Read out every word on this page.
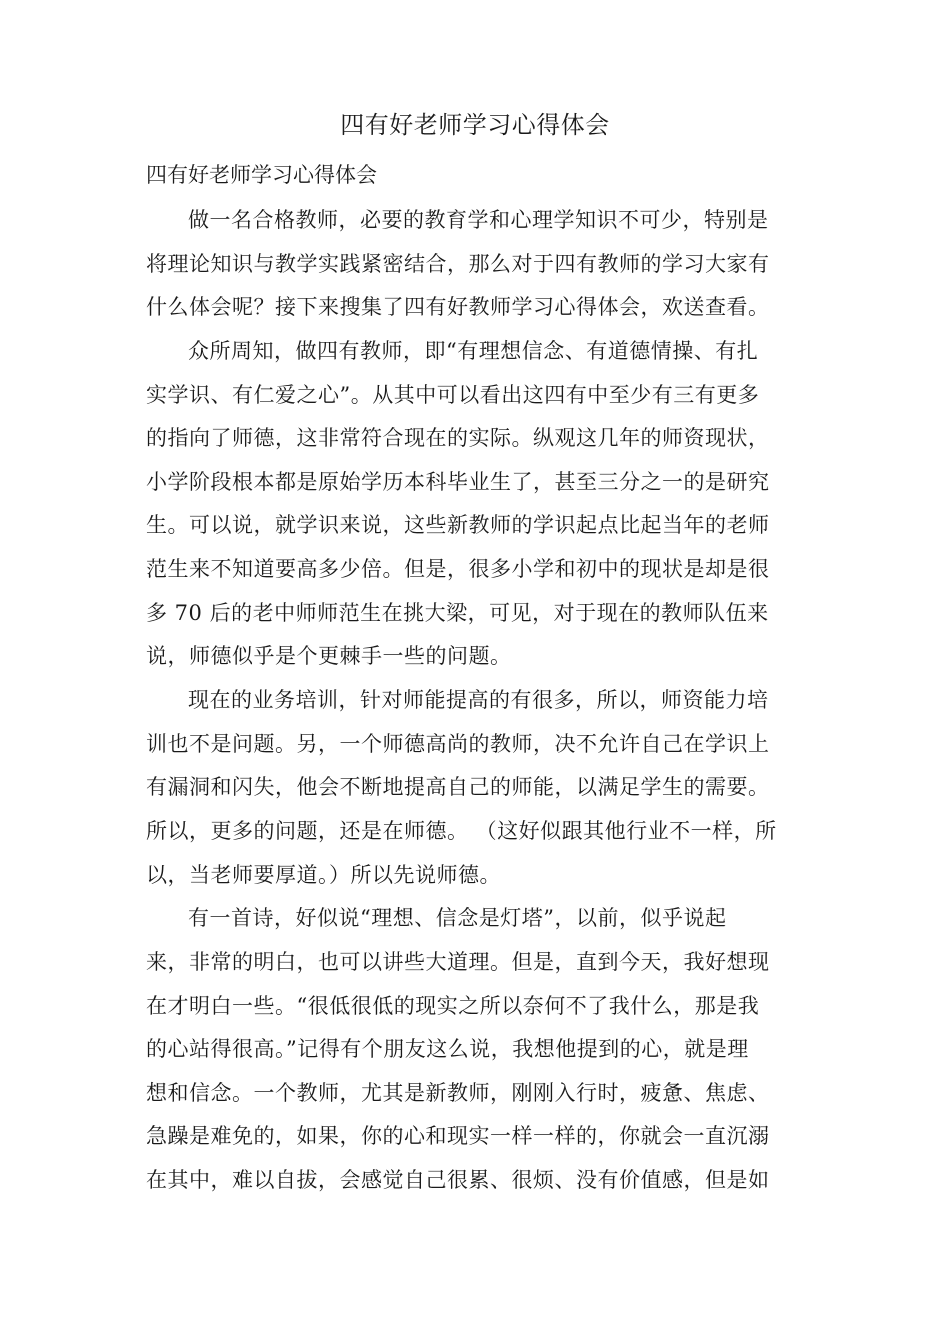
四有好老师学习心得体会
四有好老师学习心得体会
做一名合格教师，必要的教育学和心理学知识不可少，特别是
将理论知识与教学实践紧密结合，那么对于四有教师的学习大家有
什么体会呢？接下来搜集了四有好教师学习心得体会，欢送查看。
众所周知，做四有教师，即“有理想信念、有道德情操、有扎
实学识、有仁爱之心”。从其中可以看出这四有中至少有三有更多
的指向了师德，这非常符合现在的实际。纵观这几年的师资现状，
小学阶段根本都是原始学历本科毕业生了，甚至三分之一的是研究
生。可以说，就学识来说，这些新教师的学识起点比起当年的老师
范生来不知道要高多少倍。但是，很多小学和初中的现状是却是很
多 70 后的老中师师范生在挑大梁，可见，对于现在的教师队伍来
说，师德似乎是个更棘手一些的问题。
现在的业务培训，针对师能提高的有很多，所以，师资能力培
训也不是问题。另，一个师德高尚的教师，决不允许自己在学识上
有漏洞和闪失，他会不断地提高自己的师能，以满足学生的需要。
所以，更多的问题，还是在师德。 （这好似跟其他行业不一样，所
以，当老师要厚道。）所以先说师德。
有一首诗，好似说“理想、信念是灯塔”，以前，似乎说起
来，非常的明白，也可以讲些大道理。但是，直到今天，我好想现
在才明白一些。“很低很低的现实之所以奈何不了我什么，那是我
的心站得很高。”记得有个朋友这么说，我想他提到的心，就是理
想和信念。一个教师，尤其是新教师，刚刚入行时，疲惫、焦虑、
急躁是难免的，如果，你的心和现实一样一样的，你就会一直沉溺
在其中，难以自拔，会感觉自己很累、很烦、没有价值感，但是如
